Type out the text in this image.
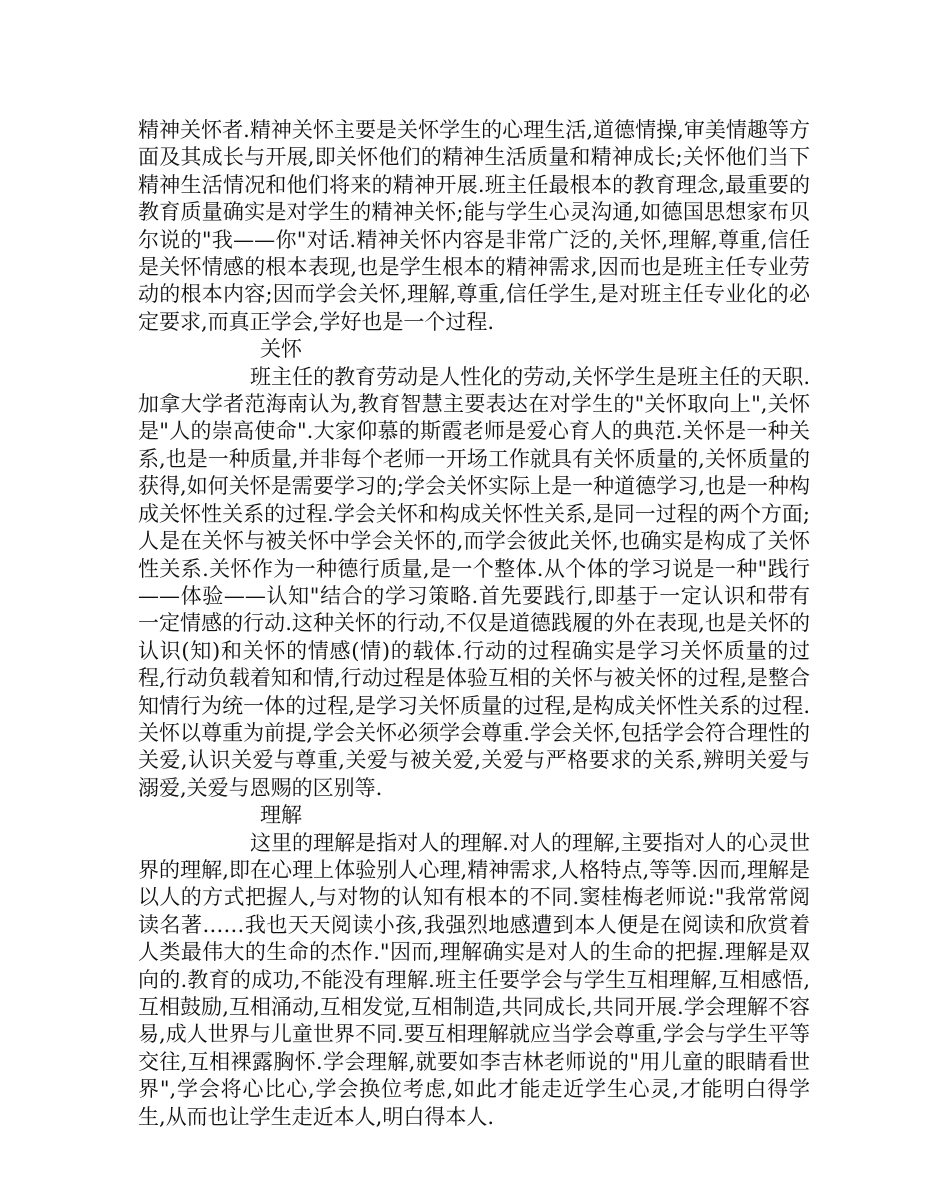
精神关怀者.精神关怀主要是关怀学生的心理生活,道德情操,审美情趣等方面及其成长与开展,即关怀他们的精神生活质量和精神成长;关怀他们当下精神生活情况和他们将来的精神开展.班主任最根本的教育理念,最重要的教育质量确实是对学生的精神关怀;能与学生心灵沟通,如德国思想家布贝尔说的"我——你"对话.精神关怀内容是非常广泛的,关怀,理解,尊重,信任是关怀情感的根本表现,也是学生根本的精神需求,因而也是班主任专业劳动的根本内容;因而学会关怀,理解,尊重,信任学生,是对班主任专业化的必定要求,而真正学会,学好也是一个过程.

关怀

班主任的教育劳动是人性化的劳动,关怀学生是班主任的天职.加拿大学者范海南认为,教育智慧主要表达在对学生的"关怀取向上",关怀是"人的崇高使命".大家仰慕的斯霞老师是爱心育人的典范.关怀是一种关系,也是一种质量,并非每个老师一开场工作就具有关怀质量的,关怀质量的获得,如何关怀是需要学习的;学会关怀实际上是一种道德学习,也是一种构成关怀性关系的过程.学会关怀和构成关怀性关系,是同一过程的两个方面;人是在关怀与被关怀中学会关怀的,而学会彼此关怀,也确实是构成了关怀性关系.关怀作为一种德行质量,是一个整体.从个体的学习说是一种"践行——体验——认知"结合的学习策略.首先要践行,即基于一定认识和带有一定情感的行动.这种关怀的行动,不仅是道德践履的外在表现,也是关怀的认识(知)和关怀的情感(情)的载体.行动的过程确实是学习关怀质量的过程,行动负载着知和情,行动过程是体验互相的关怀与被关怀的过程,是整合知情行为统一体的过程,是学习关怀质量的过程,是构成关怀性关系的过程.关怀以尊重为前提,学会关怀必须学会尊重.学会关怀,包括学会符合理性的关爱,认识关爱与尊重,关爱与被关爱,关爱与严格要求的关系,辨明关爱与溺爱,关爱与恩赐的区别等.

理解

这里的理解是指对人的理解.对人的理解,主要指对人的心灵世界的理解,即在心理上体验别人心理,精神需求,人格特点,等等.因而,理解是以人的方式把握人,与对物的认知有根本的不同.窦桂梅老师说:"我常常阅读名著……我也天天阅读小孩,我强烈地感遭到本人便是在阅读和欣赏着人类最伟大的生命的杰作."因而,理解确实是对人的生命的把握.理解是双向的.教育的成功,不能没有理解.班主任要学会与学生互相理解,互相感悟,互相鼓励,互相涌动,互相发觉,互相制造,共同成长,共同开展.学会理解不容易,成人世界与儿童世界不同.要互相理解就应当学会尊重,学会与学生平等交往,互相裸露胸怀.学会理解,就要如李吉林老师说的"用儿童的眼睛看世界",学会将心比心,学会换位考虑,如此才能走近学生心灵,才能明白得学生,从而也让学生走近本人,明白得本人.
